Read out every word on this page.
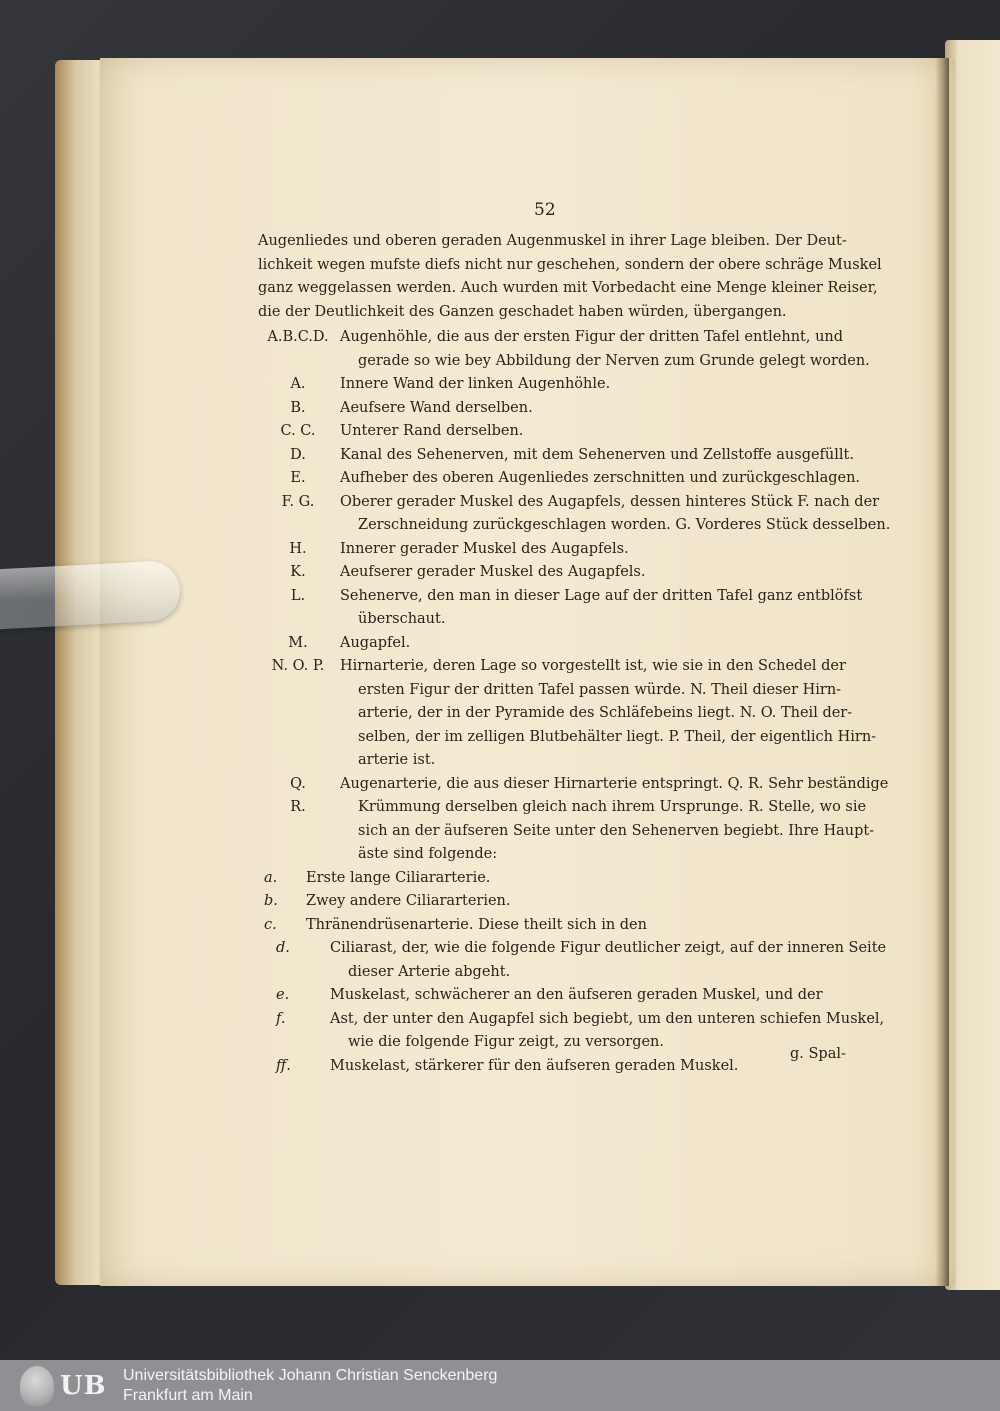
52
Augenliedes und oberen geraden Augenmuskel in ihrer Lage bleiben. Der Deut-
lichkeit wegen mufste diefs nicht nur geschehen, sondern der obere schräge Muskel
ganz weggelassen werden. Auch wurden mit Vorbedacht eine Menge kleiner Reiser,
die der Deutlichkeit des Ganzen geschadet haben würden, übergangen.
A.B.C.D. Augenhöhle, die aus der ersten Figur der dritten Tafel entlehnt, und
gerade so wie bey Abbildung der Nerven zum Grunde gelegt worden.
A.	Innere Wand der linken Augenhöhle.
B.	Aeufsere Wand derselben.
C. C.	Unterer Rand derselben.
D.	Kanal des Sehenerven, mit dem Sehenerven und Zellstoffe ausgefüllt.
E.	Aufheber des oberen Augenliedes zerschnitten und zurückgeschlagen.
F. G.	Oberer gerader Muskel des Augapfels, dessen hinteres Stück F. nach der
Zerschneidung zurückgeschlagen worden. G. Vorderes Stück desselben.
H.	Innerer gerader Muskel des Augapfels.
K.	Aeufserer gerader Muskel des Augapfels.
L.	Sehenerve, den man in dieser Lage auf der dritten Tafel ganz entblöfst
überschaut.
M.	Augapfel.
N. O. P.	Hirnarterie, deren Lage so vorgestellt ist, wie sie in den Schedel der
ersten Figur der dritten Tafel passen würde. N. Theil dieser Hirn-
arterie, der in der Pyramide des Schläfebeins liegt. N. O. Theil der-
selben, der im zelligen Blutbehälter liegt. P. Theil, der eigentlich Hirn-
arterie ist.
Q.	Augenarterie, die aus dieser Hirnarterie entspringt. Q. R. Sehr beständige
R.	Krümmung derselben gleich nach ihrem Ursprunge. R. Stelle, wo sie
sich an der äufseren Seite unter den Sehenerven begiebt. Ihre Haupt-
äste sind folgende:
a.	Erste lange Ciliararterie.
b.	Zwey andere Ciliararterien.
c.	Thränendrüsenarterie. Diese theilt sich in den
d.	Ciliarast, der, wie die folgende Figur deutlicher zeigt, auf der inneren Seite
dieser Arterie abgeht.
e.	Muskelast, schwächerer an den äufseren geraden Muskel, und der
f.	Ast, der unter den Augapfel sich begiebt, um den unteren schiefen Muskel,
wie die folgende Figur zeigt, zu versorgen.
ff.	Muskelast, stärkerer für den äufseren geraden Muskel.
g. Spal-
UB Universitätsbibliothek Johann Christian Senckenberg
Frankfurt am Main
